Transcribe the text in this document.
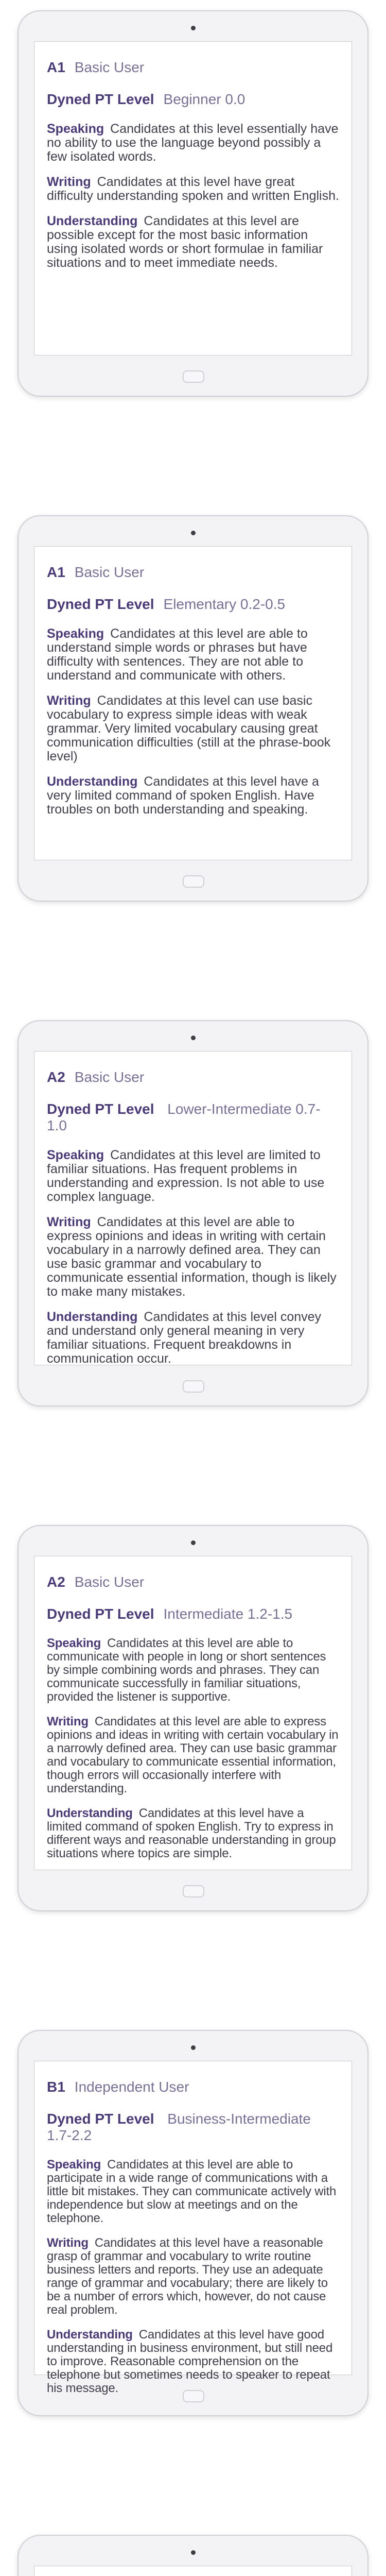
A1 Basic User
Dyned PT Level Beginner 0.0

Speaking Candidates at this level essentially have no ability to use the language beyond possibly a few isolated words.

Writing Candidates at this level have great difficulty understanding spoken and written English.

Understanding Candidates at this level are possible except for the most basic information using isolated words or short formulae in familiar situations and to meet immediate needs.

A1 Basic User
Dyned PT Level Elementary 0.2-0.5

Speaking Candidates at this level are able to understand simple words or phrases but have difficulty with sentences. They are not able to understand and communicate with others.

Writing Candidates at this level can use basic vocabulary to express simple ideas with weak grammar. Very limited vocabulary causing great communication difficulties (still at the phrase-book level)

Understanding Candidates at this level have a very limited command of spoken English. Have troubles on both understanding and speaking.

A2 Basic User
Dyned PT Level Lower-Intermediate 0.7-1.0

Speaking Candidates at this level are limited to familiar situations. Has frequent problems in understanding and expression. Is not able to use complex language.

Writing Candidates at this level are able to express opinions and ideas in writing with certain vocabulary in a narrowly defined area. They can use basic grammar and vocabulary to communicate essential information, though is likely to make many mistakes.

Understanding Candidates at this level convey and understand only general meaning in very familiar situations. Frequent breakdowns in communication occur.

A2 Basic User
Dyned PT Level Intermediate 1.2-1.5

Speaking Candidates at this level are able to communicate with people in long or short sentences by simple combining words and phrases. They can communicate successfully in familiar situations, provided the listener is supportive.

Writing Candidates at this level are able to express opinions and ideas in writing with certain vocabulary in a narrowly defined area. They can use basic grammar and vocabulary to communicate essential information, though errors will occasionally interfere with understanding.

Understanding Candidates at this level have a limited command of spoken English. Try to express in different ways and reasonable understanding in group situations where topics are simple.

B1 Independent User
Dyned PT Level Business-Intermediate 1.7-2.2

Speaking Candidates at this level are able to participate in a wide range of communications with a little bit mistakes. They can communicate actively with independence but slow at meetings and on the telephone.

Writing Candidates at this level have a reasonable grasp of grammar and vocabulary to write routine business letters and reports. They use an adequate range of grammar and vocabulary; there are likely to be a number of errors which, however, do not cause real problem.

Understanding Candidates at this level have good understanding in business environment, but still need to improve. Reasonable comprehension on the telephone but sometimes needs to speaker to repeat his message.
